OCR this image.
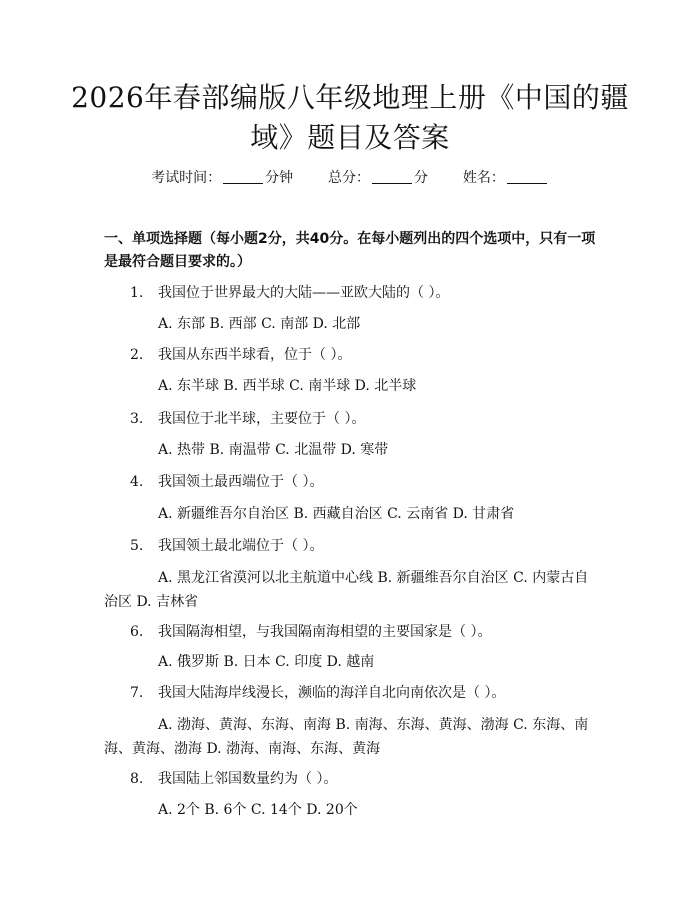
2026年春部编版八年级地理上册《中国的疆域》题目及答案
考试时间：	分钟 总分：	分 姓名：
一、单项选择题（每小题2分，共40分。在每小题列出的四个选项中，只有一项是最符合题目要求的。）
1. 我国位于世界最大的大陆——亚欧大陆的（ ）。
A. 东部 B. 西部 C. 南部 D. 北部
2. 我国从东西半球看，位于（ ）。
A. 东半球 B. 西半球 C. 南半球 D. 北半球
3. 我国位于北半球，主要位于（ ）。
A. 热带 B. 南温带 C. 北温带 D. 寒带
4. 我国领土最西端位于（ ）。
A. 新疆维吾尔自治区 B. 西藏自治区 C. 云南省 D. 甘肃省
5. 我国领土最北端位于（ ）。
A. 黑龙江省漠河以北主航道中心线 B. 新疆维吾尔自治区 C. 内蒙古自治区 D. 吉林省
6. 我国隔海相望，与我国隔南海相望的主要国家是（ ）。
A. 俄罗斯 B. 日本 C. 印度 D. 越南
7. 我国大陆海岸线漫长，濒临的海洋自北向南依次是（ ）。
A. 渤海、黄海、东海、南海 B. 南海、东海、黄海、渤海 C. 东海、南海、黄海、渤海 D. 渤海、南海、东海、黄海
8. 我国陆上邻国数量约为（ ）。
A. 2个 B. 6个 C. 14个 D. 20个
